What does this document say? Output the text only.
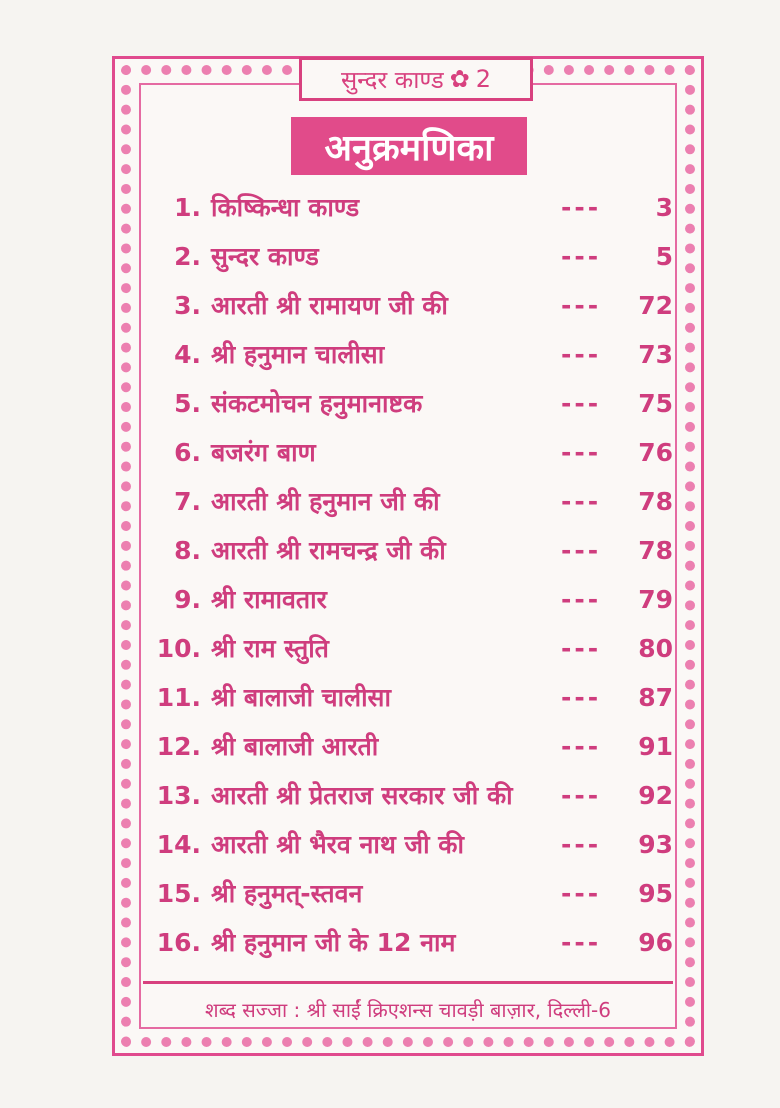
सुन्दर काण्ड ✿ 2
अनुक्रमणिका
1. किष्किन्धा काण्ड	---	3
2. सुन्दर काण्ड	---	5
3. आरती श्री रामायण जी की	---	72
4. श्री हनुमान चालीसा	---	73
5. संकटमोचन हनुमानाष्टक	---	75
6. बजरंग बाण	---	76
7. आरती श्री हनुमान जी की	---	78
8. आरती श्री रामचन्द्र जी की	---	78
9. श्री रामावतार	---	79
10. श्री राम स्तुति	---	80
11. श्री बालाजी चालीसा	---	87
12. श्री बालाजी आरती	---	91
13. आरती श्री प्रेतराज सरकार जी की	---	92
14. आरती श्री भैरव नाथ जी की	---	93
15. श्री हनुमत्-स्तवन	---	95
16. श्री हनुमान जी के 12 नाम	---	96
शब्द सज्जा : श्री साईं क्रिएशन्स चावड़ी बाज़ार, दिल्ली-6
